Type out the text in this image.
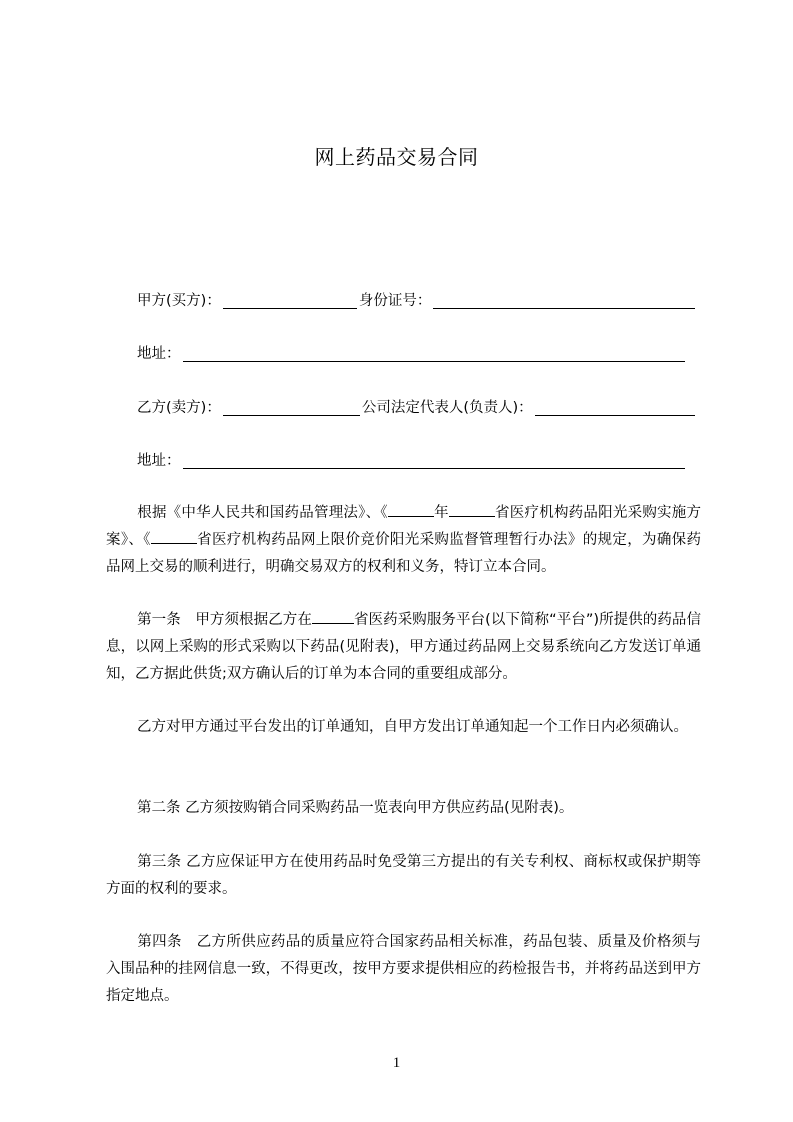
网上药品交易合同
甲方(买方)：	身份证号：
地址：
乙方(卖方)：	公司法定代表人(负责人)：
地址：
根据《中华人民共和国药品管理法》、《	年	省医疗机构药品阳光采购实施方案》、《	省医疗机构药品网上限价竞价阳光采购监督管理暂行办法》的规定，为确保药品网上交易的顺利进行，明确交易双方的权利和义务，特订立本合同。
第一条　甲方须根据乙方在	省医药采购服务平台(以下简称“平台”)所提供的药品信息，以网上采购的形式采购以下药品(见附表)，甲方通过药品网上交易系统向乙方发送订单通知，乙方据此供货;双方确认后的订单为本合同的重要组成部分。
乙方对甲方通过平台发出的订单通知，自甲方发出订单通知起一个工作日内必须确认。
第二条 乙方须按购销合同采购药品一览表向甲方供应药品(见附表)。
第三条 乙方应保证甲方在使用药品时免受第三方提出的有关专利权、商标权或保护期等方面的权利的要求。
第四条　乙方所供应药品的质量应符合国家药品相关标准，药品包装、质量及价格须与入围品种的挂网信息一致，不得更改，按甲方要求提供相应的药检报告书，并将药品送到甲方指定地点。
1
